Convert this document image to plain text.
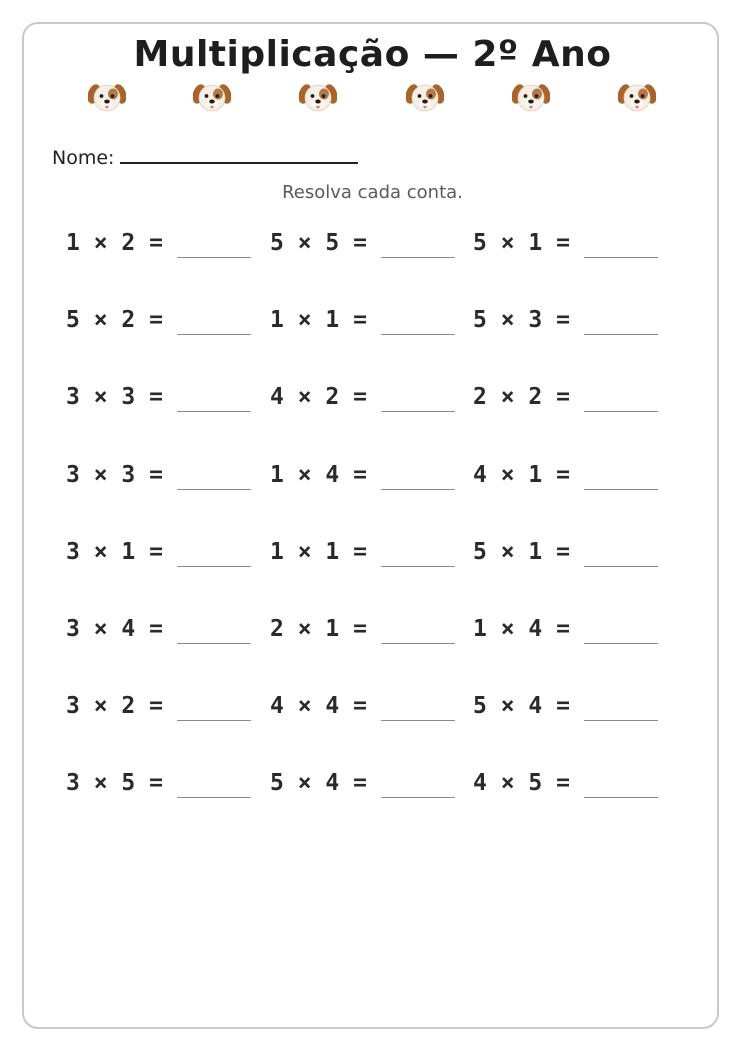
Multiplicação — 2º Ano
Nome:
Resolva cada conta.
1 × 2 =	5 × 5 =	5 × 1 =
5 × 2 =	1 × 1 =	5 × 3 =
3 × 3 =	4 × 2 =	2 × 2 =
3 × 3 =	1 × 4 =	4 × 1 =
3 × 1 =	1 × 1 =	5 × 1 =
3 × 4 =	2 × 1 =	1 × 4 =
3 × 2 =	4 × 4 =	5 × 4 =
3 × 5 =	5 × 4 =	4 × 5 =
